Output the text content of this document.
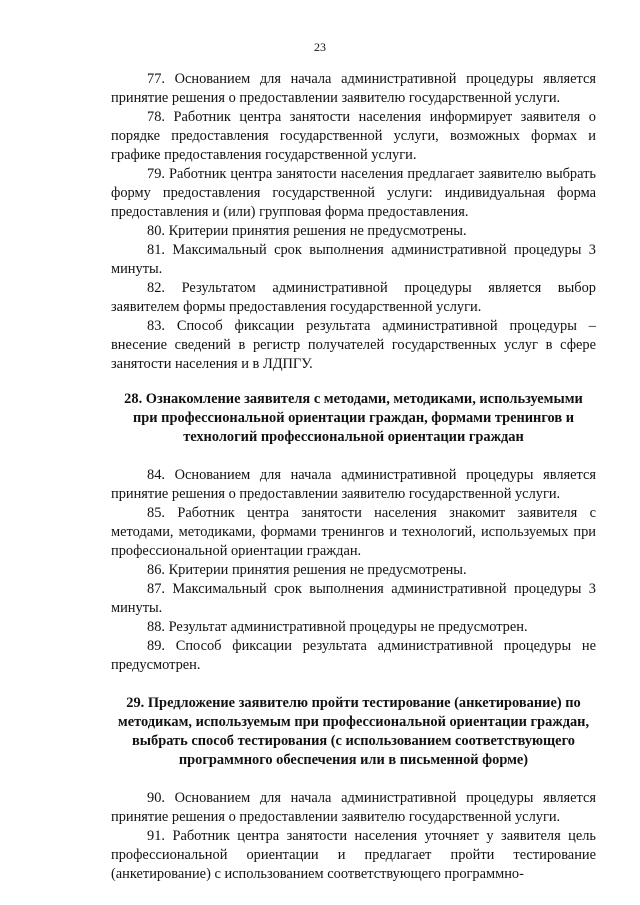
23

77. Основанием для начала административной процедуры является принятие решения о предоставлении заявителю государственной услуги.

78. Работник центра занятости населения информирует заявителя о порядке предоставления государственной услуги, возможных формах и графике предоставления государственной услуги.

79. Работник центра занятости населения предлагает заявителю выбрать форму предоставления государственной услуги: индивидуальная форма предоставления и (или) групповая форма предоставления.

80. Критерии принятия решения не предусмотрены.

81. Максимальный срок выполнения административной процедуры 3 минуты.

82. Результатом административной процедуры является выбор заявителем формы предоставления государственной услуги.

83. Способ фиксации результата административной процедуры – внесение сведений в регистр получателей государственных услуг в сфере занятости населения и в ЛДПГУ.

28. Ознакомление заявителя с методами, методиками, используемыми при профессиональной ориентации граждан, формами тренингов и технологий профессиональной ориентации граждан

84. Основанием для начала административной процедуры является принятие решения о предоставлении заявителю государственной услуги.

85. Работник центра занятости населения знакомит заявителя с методами, методиками, формами тренингов и технологий, используемых при профессиональной ориентации граждан.

86. Критерии принятия решения не предусмотрены.

87. Максимальный срок выполнения административной процедуры 3 минуты.

88. Результат административной процедуры не предусмотрен.

89. Способ фиксации результата административной процедуры не предусмотрен.

29. Предложение заявителю пройти тестирование (анкетирование) по методикам, используемым при профессиональной ориентации граждан, выбрать способ тестирования (с использованием соответствующего программного обеспечения или в письменной форме)

90. Основанием для начала административной процедуры является принятие решения о предоставлении заявителю государственной услуги.

91. Работник центра занятости населения уточняет у заявителя цель профессиональной ориентации и предлагает пройти тестирование (анкетирование) с использованием соответствующего программно-
